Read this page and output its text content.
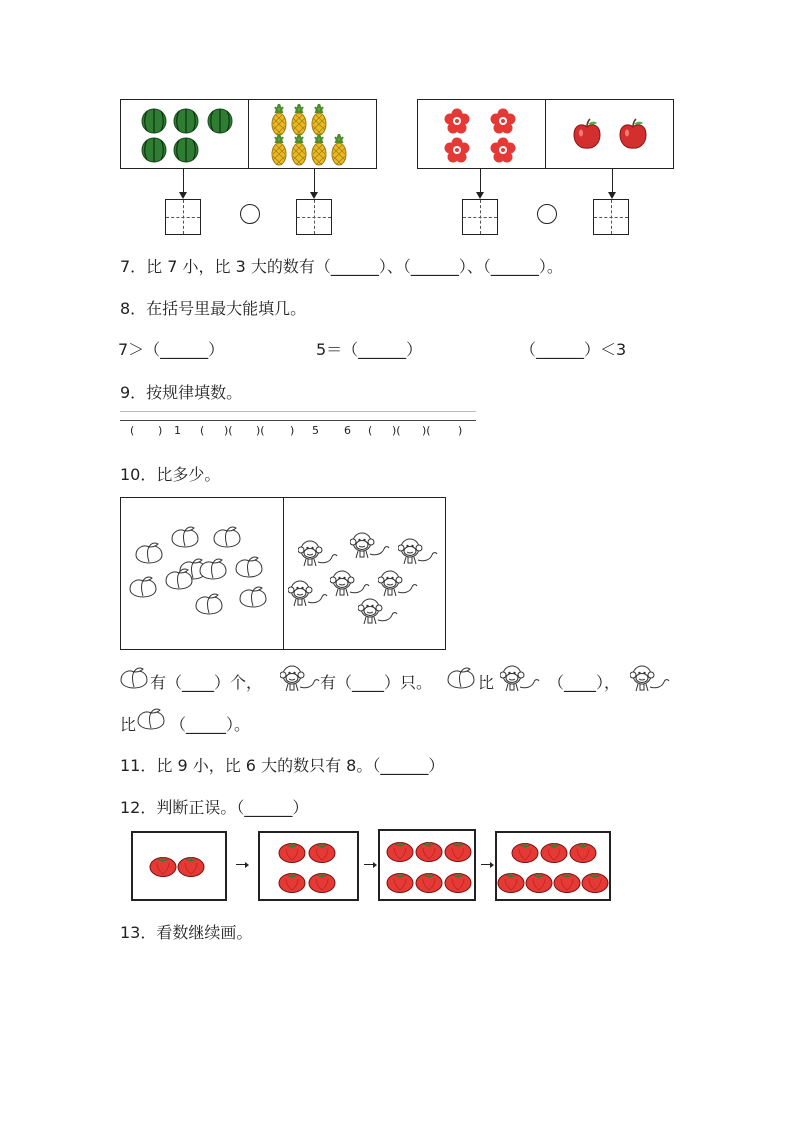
7．比 7 小，比 3 大的数有（______）、（______）、（______）。
8．在括号里最大能填几。
7＞（______）	5＝（______）	（______）＜3
9．按规律填数。
( ) 1 ( )( )( ) 5 6 ( )( )( )
10．比多少。
有（____）个，	有（____）只。	比	（____），
比 （_____）。
11．比 9 小，比 6 大的数只有 8。（______）
12．判断正误。（______）
13．看数继续画。
